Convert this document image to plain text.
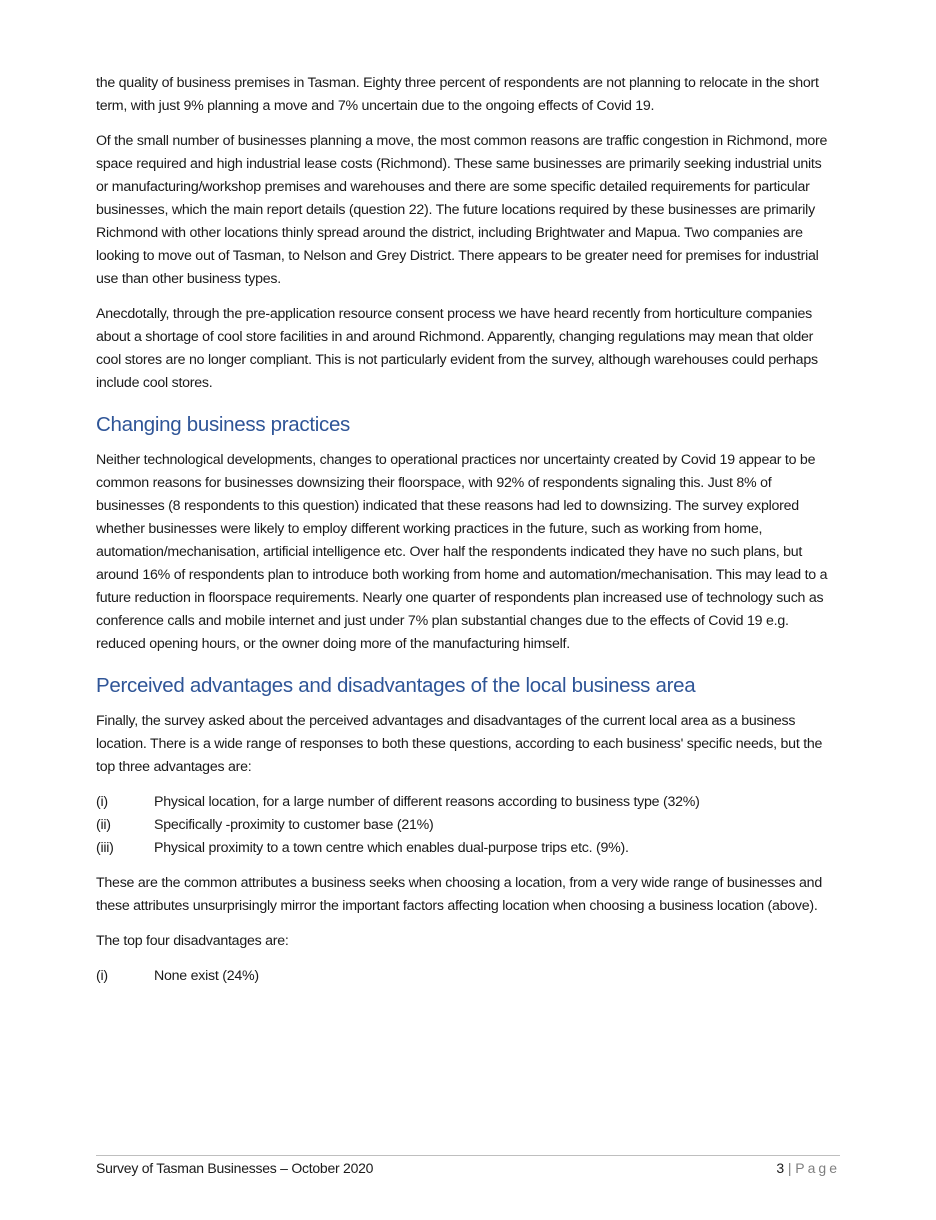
the quality of business premises in Tasman. Eighty three percent of respondents are not planning to relocate in the short term, with just 9% planning a move and 7% uncertain due to the ongoing effects of Covid 19.

Of the small number of businesses planning a move, the most common reasons are traffic congestion in Richmond, more space required and high industrial lease costs (Richmond). These same businesses are primarily seeking industrial units or manufacturing/workshop premises and warehouses and there are some specific detailed requirements for particular businesses, which the main report details (question 22). The future locations required by these businesses are primarily Richmond with other locations thinly spread around the district, including Brightwater and Mapua. Two companies are looking to move out of Tasman, to Nelson and Grey District. There appears to be greater need for premises for industrial use than other business types.

Anecdotally, through the pre-application resource consent process we have heard recently from horticulture companies about a shortage of cool store facilities in and around Richmond. Apparently, changing regulations may mean that older cool stores are no longer compliant. This is not particularly evident from the survey, although warehouses could perhaps include cool stores.

Changing business practices

Neither technological developments, changes to operational practices nor uncertainty created by Covid 19 appear to be common reasons for businesses downsizing their floorspace, with 92% of respondents signaling this. Just 8% of businesses (8 respondents to this question) indicated that these reasons had led to downsizing. The survey explored whether businesses were likely to employ different working practices in the future, such as working from home, automation/mechanisation, artificial intelligence etc. Over half the respondents indicated they have no such plans, but around 16% of respondents plan to introduce both working from home and automation/mechanisation. This may lead to a future reduction in floorspace requirements. Nearly one quarter of respondents plan increased use of technology such as conference calls and mobile internet and just under 7% plan substantial changes due to the effects of Covid 19 e.g. reduced opening hours, or the owner doing more of the manufacturing himself.

Perceived advantages and disadvantages of the local business area

Finally, the survey asked about the perceived advantages and disadvantages of the current local area as a business location. There is a wide range of responses to both these questions, according to each business' specific needs, but the top three advantages are:

(i)	Physical location, for a large number of different reasons according to business type (32%)
(ii)	Specifically -proximity to customer base (21%)
(iii)	Physical proximity to a town centre which enables dual-purpose trips etc. (9%).

These are the common attributes a business seeks when choosing a location, from a very wide range of businesses and these attributes unsurprisingly mirror the important factors affecting location when choosing a business location (above).

The top four disadvantages are:

(i)	None exist (24%)
Survey of Tasman Businesses – October 2020	3 | Page
